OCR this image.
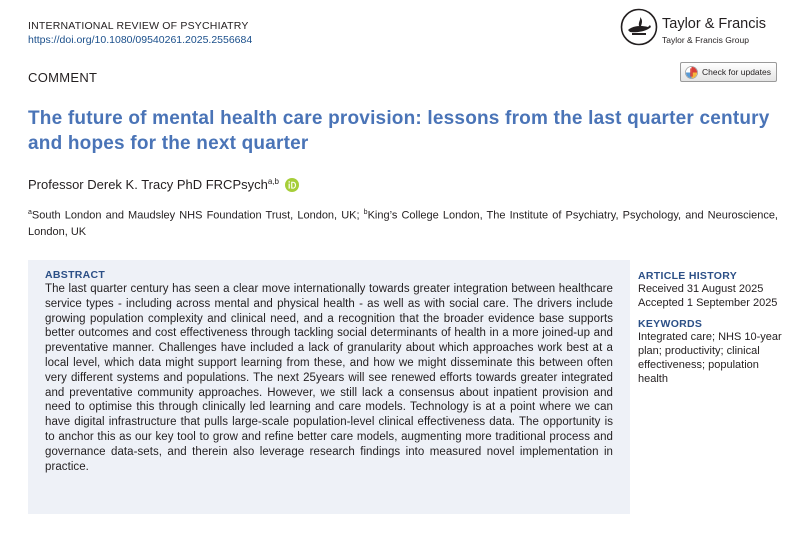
INTERNATIONAL REVIEW OF PSYCHIATRY
https://doi.org/10.1080/09540261.2025.2556684
Taylor & Francis
Taylor & Francis Group
COMMENT	Check for updates
The future of mental health care provision: lessons from the last quarter century and hopes for the next quarter
Professor Derek K. Tracy PhD FRCPsych$^{a,b}$
$^a$South London and Maudsley NHS Foundation Trust, London, UK; $^b$King’s College London, The Institute of Psychiatry, Psychology, and Neuroscience, London, UK
ABSTRACT

The last quarter century has seen a clear move internationally towards greater integration between healthcare service types - including across mental and physical health - as well as with social care. The drivers include growing population complexity and clinical need, and a recognition that the broader evidence base supports better outcomes and cost effectiveness through tackling social determinants of health in a more joined-up and preventative manner. Challenges have included a lack of granularity about which approaches work best at a local level, which data might support learning from these, and how we might disseminate this between often very different systems and populations. The next 25years will see renewed efforts towards greater integrated and preventative community approaches. However, we still lack a consensus about inpatient provision and need to optimise this through clinically led learning and care models. Technology is at a point where we can have digital infrastructure that pulls large-scale population-level clinical effectiveness data. The opportunity is to anchor this as our key tool to grow and refine better care models, augmenting more traditional process and governance data-sets, and therein also leverage research findings into measured novel implementation in practice.

ARTICLE HISTORY
Received 31 August 2025
Accepted 1 September 2025
KEYWORDS
Integrated care; NHS 10-year plan; productivity; clinical effectiveness; population health
